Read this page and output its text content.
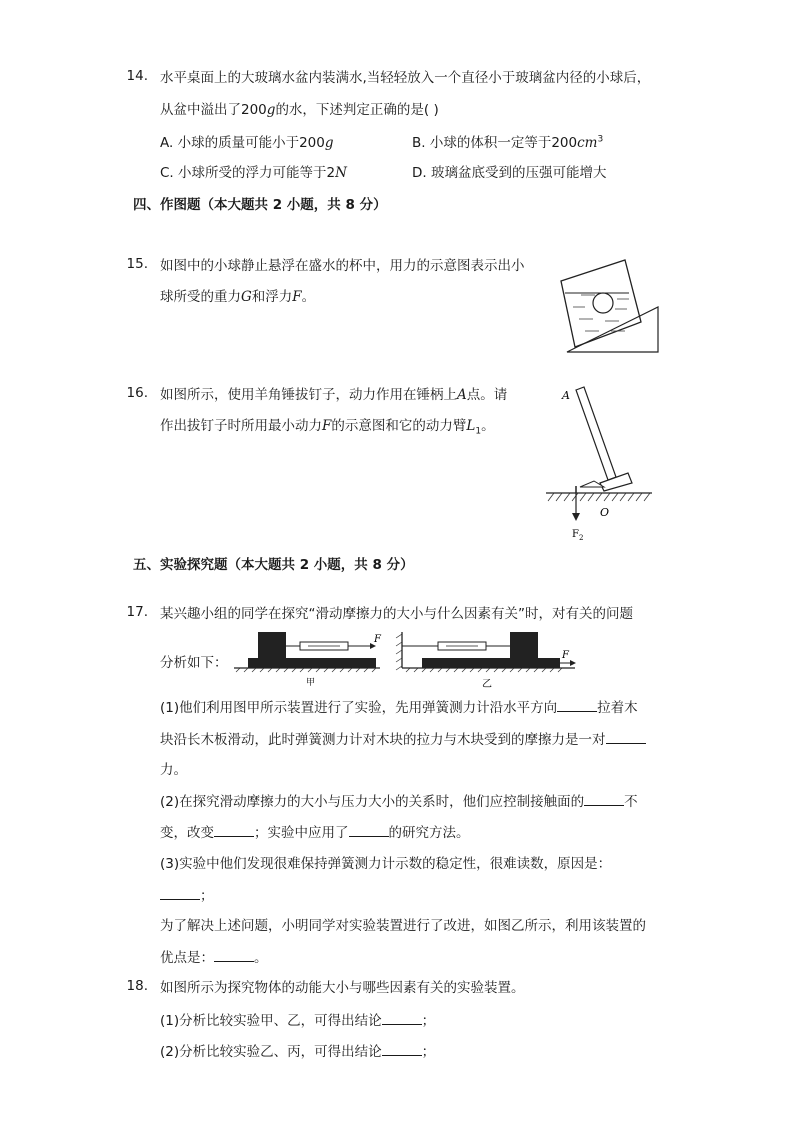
14. 水平桌面上的大玻璃水盆内装满水,当轻轻放入一个直径小于玻璃盆内径的小球后，
从盆中溢出了200g的水，下述判定正确的是( )
A. 小球的质量可能小于200g	B. 小球的体积一定等于$200cm^3$
C. 小球所受的浮力可能等于2N	D. 玻璃盆底受到的压强可能增大
四、作图题（本大题共 2 小题，共 8 分）
15. 如图中的小球静止悬浮在盛水的杯中，用力的示意图表示出小
球所受的重力G和浮力F。
16. 如图所示，使用羊角锤拔钉子，动力作用在锤柄上A点。请
作出拔钉子时所用最小动力F的示意图和它的动力臂$L_1$。
A
O
$F_2$
五、实验探究题（本大题共 2 小题，共 8 分）
17. 某兴趣小组的同学在探究“滑动摩擦力的大小与什么因素有关”时，对有关的问题
分析如下：
F
甲
F
乙
(1)他们利用图甲所示装置进行了实验，先用弹簧测力计沿水平方向	拉着木
块沿长木板滑动，此时弹簧测力计对木块的拉力与木块受到的摩擦力是一对
力。
(2)在探究滑动摩擦力的大小与压力大小的关系时，他们应控制接触面的	不
变，改变	；实验中应用了	的研究方法。
(3)实验中他们发现很难保持弹簧测力计示数的稳定性，很难读数，原因是：
；
为了解决上述问题，小明同学对实验装置进行了改进，如图乙所示，利用该装置的
优点是：	。
18. 如图所示为探究物体的动能大小与哪些因素有关的实验装置。
(1)分析比较实验甲、乙，可得出结论	；
(2)分析比较实验乙、丙，可得出结论	；
